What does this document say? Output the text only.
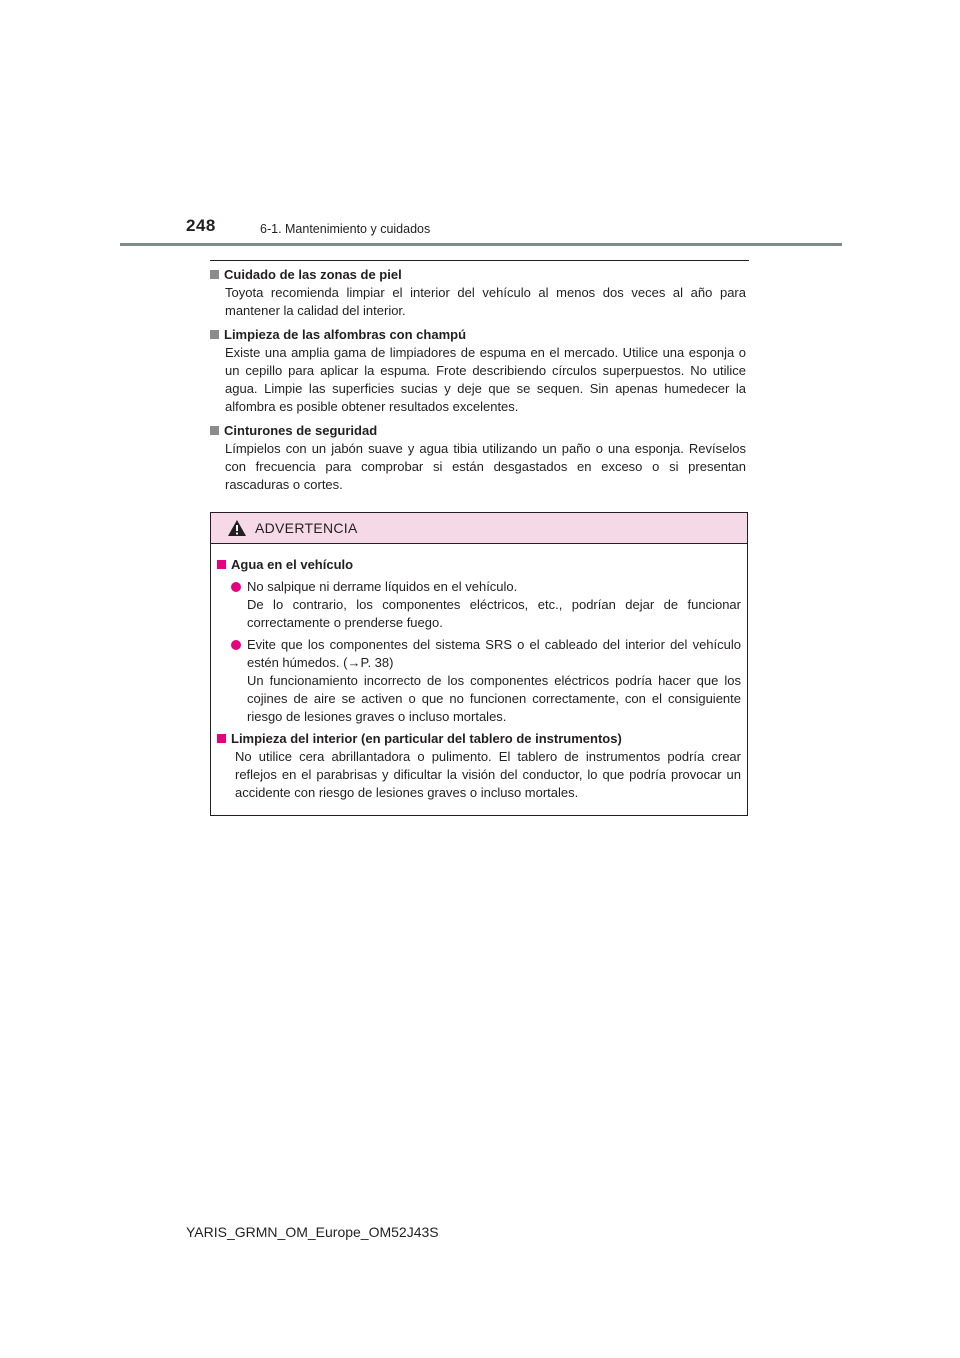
248	6-1. Mantenimiento y cuidados
Cuidado de las zonas de piel
Toyota recomienda limpiar el interior del vehículo al menos dos veces al año para mantener la calidad del interior.
Limpieza de las alfombras con champú
Existe una amplia gama de limpiadores de espuma en el mercado. Utilice una esponja o un cepillo para aplicar la espuma. Frote describiendo círculos superpuestos. No utilice agua. Limpie las superficies sucias y deje que se sequen. Sin apenas humedecer la alfombra es posible obtener resultados excelentes.
Cinturones de seguridad
Límpielos con un jabón suave y agua tibia utilizando un paño o una esponja. Revíselos con frecuencia para comprobar si están desgastados en exceso o si presentan rascaduras o cortes.
ADVERTENCIA
Agua en el vehículo
No salpique ni derrame líquidos en el vehículo.
De lo contrario, los componentes eléctricos, etc., podrían dejar de funcionar correctamente o prenderse fuego.
Evite que los componentes del sistema SRS o el cableado del interior del vehículo estén húmedos. (→P. 38)
Un funcionamiento incorrecto de los componentes eléctricos podría hacer que los cojines de aire se activen o que no funcionen correctamente, con el consiguiente riesgo de lesiones graves o incluso mortales.
Limpieza del interior (en particular del tablero de instrumentos)
No utilice cera abrillantadora o pulimento. El tablero de instrumentos podría crear reflejos en el parabrisas y dificultar la visión del conductor, lo que podría provocar un accidente con riesgo de lesiones graves o incluso mortales.
YARIS_GRMN_OM_Europe_OM52J43S
